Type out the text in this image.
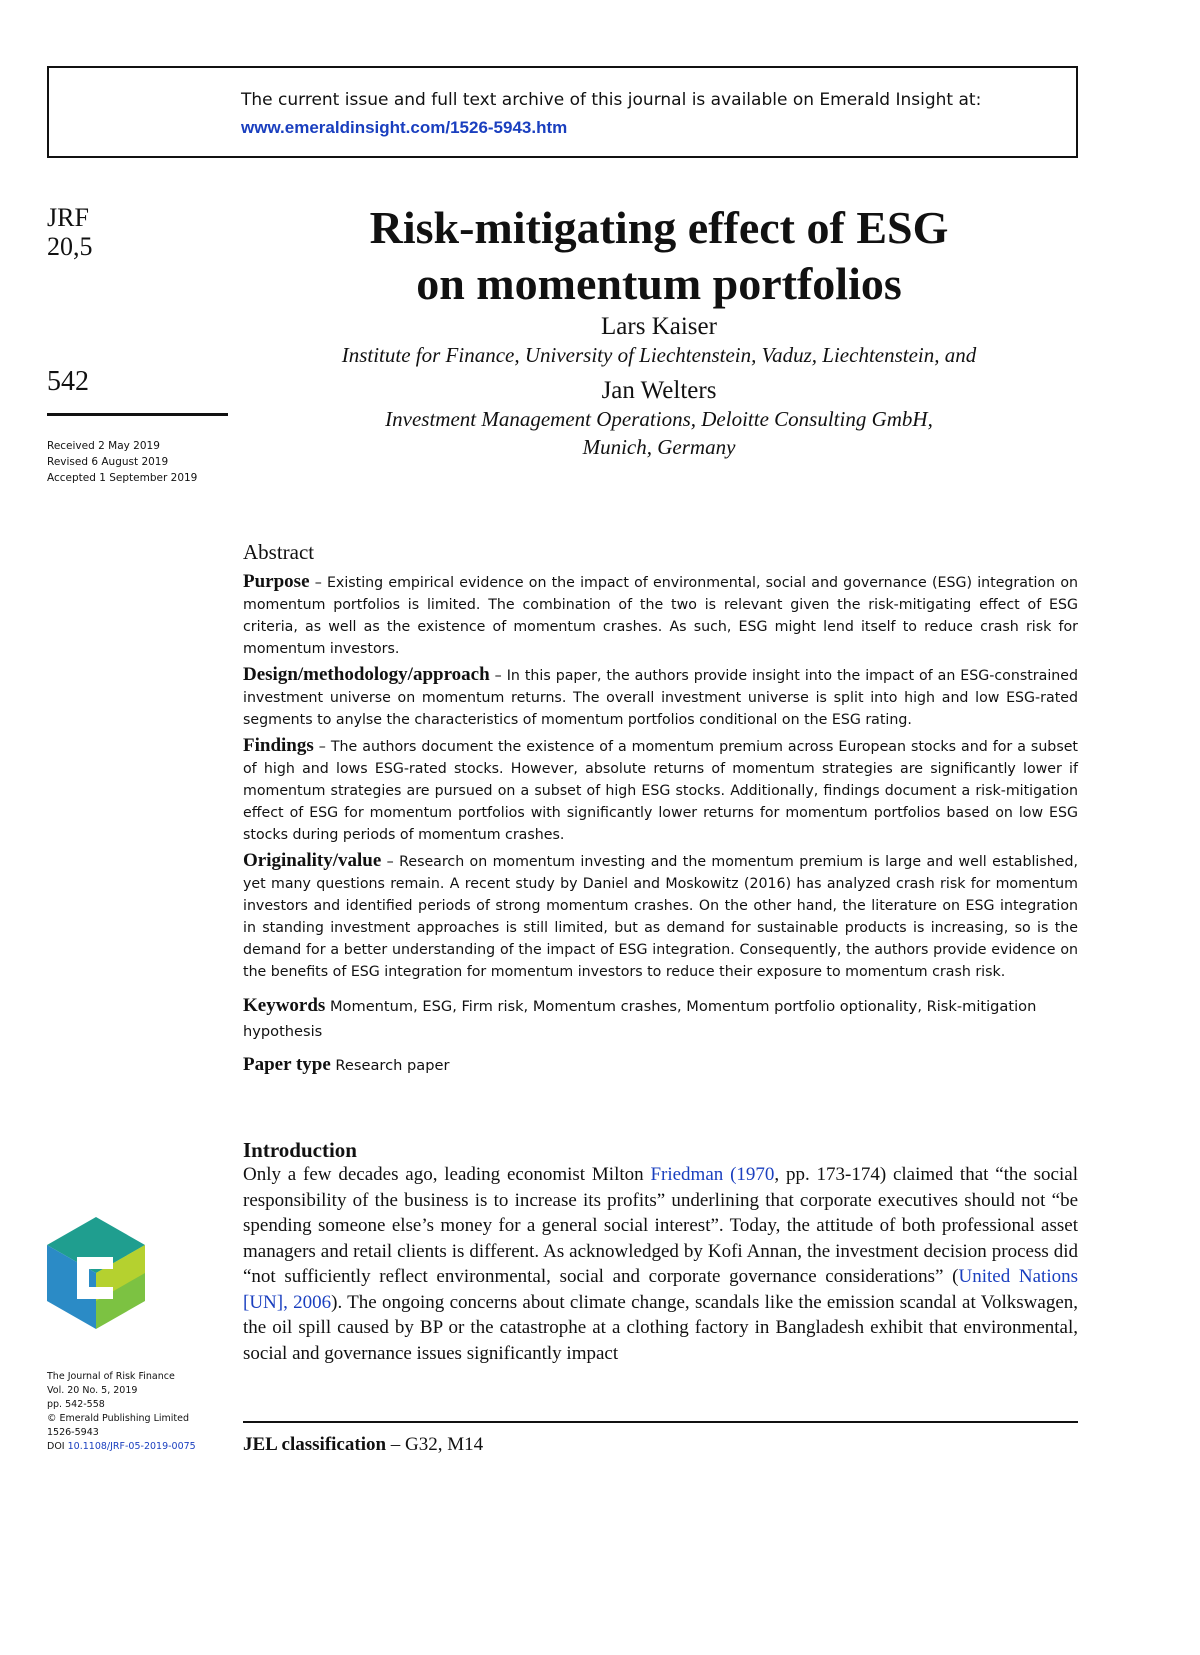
The current issue and full text archive of this journal is available on Emerald Insight at:
www.emeraldinsight.com/1526-5943.htm
JRF
20,5
542
Received 2 May 2019
Revised 6 August 2019
Accepted 1 September 2019
Risk-mitigating effect of ESG
on momentum portfolios
Lars Kaiser
Institute for Finance, University of Liechtenstein, Vaduz, Liechtenstein, and
Jan Welters
Investment Management Operations, Deloitte Consulting GmbH,
Munich, Germany
Abstract

Purpose – Existing empirical evidence on the impact of environmental, social and governance (ESG) integration on momentum portfolios is limited. The combination of the two is relevant given the risk-mitigating effect of ESG criteria, as well as the existence of momentum crashes. As such, ESG might lend itself to reduce crash risk for momentum investors.

Design/methodology/approach – In this paper, the authors provide insight into the impact of an ESG-constrained investment universe on momentum returns. The overall investment universe is split into high and low ESG-rated segments to anylse the characteristics of momentum portfolios conditional on the ESG rating.

Findings – The authors document the existence of a momentum premium across European stocks and for a subset of high and lows ESG-rated stocks. However, absolute returns of momentum strategies are significantly lower if momentum strategies are pursued on a subset of high ESG stocks. Additionally, findings document a risk-mitigation effect of ESG for momentum portfolios with significantly lower returns for momentum portfolios based on low ESG stocks during periods of momentum crashes.

Originality/value – Research on momentum investing and the momentum premium is large and well established, yet many questions remain. A recent study by Daniel and Moskowitz (2016) has analyzed crash risk for momentum investors and identified periods of strong momentum crashes. On the other hand, the literature on ESG integration in standing investment approaches is still limited, but as demand for sustainable products is increasing, so is the demand for a better understanding of the impact of ESG integration. Consequently, the authors provide evidence on the benefits of ESG integration for momentum investors to reduce their exposure to momentum crash risk.

Keywords Momentum, ESG, Firm risk, Momentum crashes, Momentum portfolio optionality, Risk-mitigation hypothesis
Paper type Research paper
Introduction
Only a few decades ago, leading economist Milton Friedman (1970, pp. 173-174) claimed that “the social responsibility of the business is to increase its profits” underlining that corporate executives should not “be spending someone else’s money for a general social interest”. Today, the attitude of both professional asset managers and retail clients is different. As acknowledged by Kofi Annan, the investment decision process did “not sufficiently reflect environmental, social and corporate governance considerations” (United Nations [UN], 2006). The ongoing concerns about climate change, scandals like the emission scandal at Volkswagen, the oil spill caused by BP or the catastrophe at a clothing factory in Bangladesh exhibit that environmental, social and governance issues significantly impact
JEL classification – G32, M14
The Journal of Risk Finance
Vol. 20 No. 5, 2019
pp. 542-558
© Emerald Publishing Limited
1526-5943
DOI 10.1108/JRF-05-2019-0075
